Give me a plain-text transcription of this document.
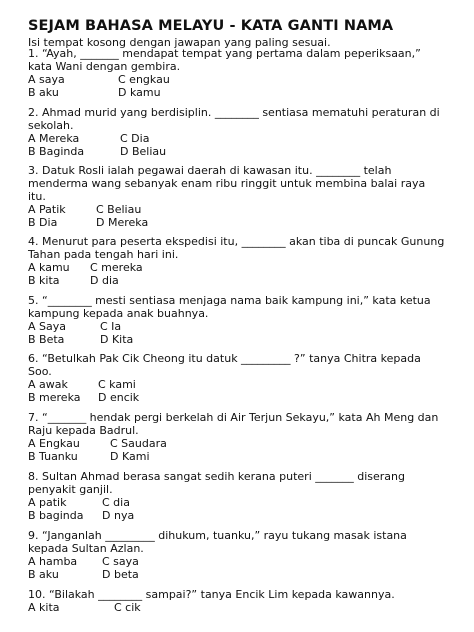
SEJAM BAHASA MELAYU - KATA GANTI NAMA
Isi tempat kosong dengan jawapan yang paling sesuai.
1. “Ayah, _______ mendapat tempat yang pertama dalam peperiksaan,”
kata Wani dengan gembira.
A saya	C engkau
B aku	D kamu
2. Ahmad murid yang berdisiplin. ________ sentiasa mematuhi peraturan di
sekolah.
A Mereka	C Dia
B Baginda	D Beliau
3. Datuk Rosli ialah pegawai daerah di kawasan itu. ________ telah
menderma wang sebanyak enam ribu ringgit untuk membina balai raya
itu.
A Patik	C Beliau
B Dia	D Mereka
4. Menurut para peserta ekspedisi itu, ________ akan tiba di puncak Gunung
Tahan pada tengah hari ini.
A kamu C mereka
B kita	D dia
5. “________ mesti sentiasa menjaga nama baik kampung ini,” kata ketua
kampung kepada anak buahnya.
A Saya	C Ia
B Beta	D Kita
6. “Betulkah Pak Cik Cheong itu datuk _________ ?” tanya Chitra kepada
Soo.
A awak	C kami
B mereka D encik
7. “_______ hendak pergi berkelah di Air Terjun Sekayu,” kata Ah Meng dan
Raju kepada Badrul.
A Engkau	C Saudara
B Tuanku	D Kami
8. Sultan Ahmad berasa sangat sedih kerana puteri _______ diserang
penyakit ganjil.
A patik	C dia
B baginda D nya
9. “Janganlah _________ dihukum, tuanku,” rayu tukang masak istana
kepada Sultan Azlan.
A hamba C saya
B aku	D beta
10. “Bilakah ________ sampai?” tanya Encik Lim kepada kawannya.
A kita	C cik
